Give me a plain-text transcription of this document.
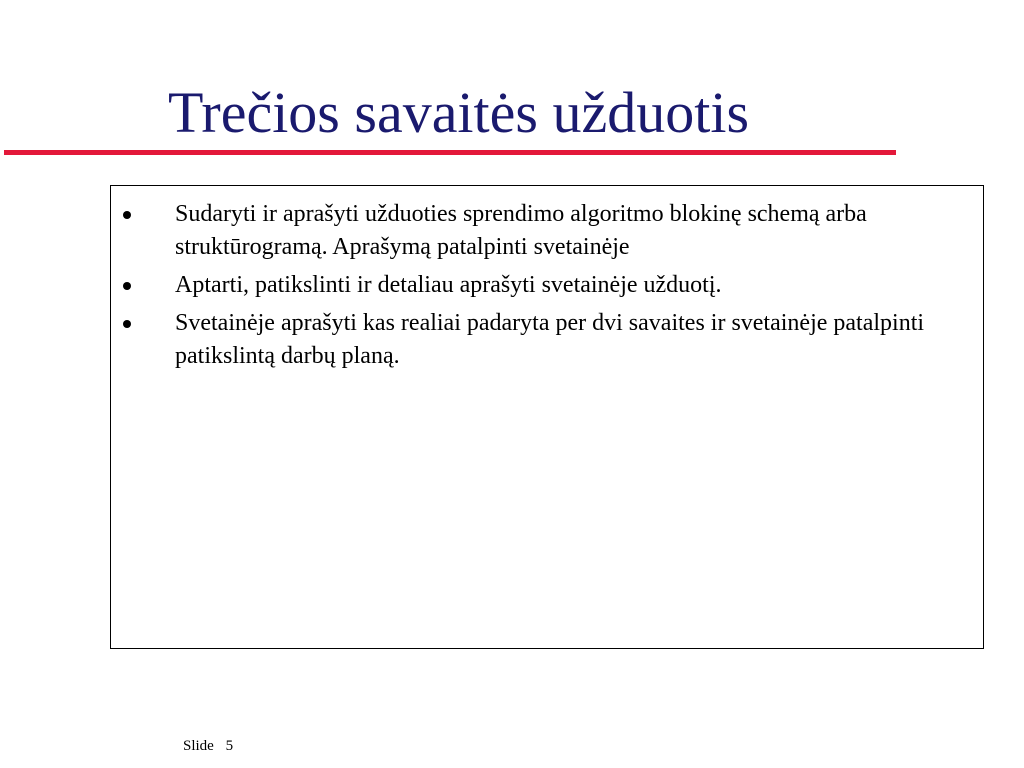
Trečios savaitės užduotis
Sudaryti ir aprašyti užduoties sprendimo algoritmo blokinę schemą arba struktūrogramą. Aprašymą patalpinti svetainėje
Aptarti, patikslinti ir detaliau aprašyti svetainėje užduotį.
Svetainėje aprašyti kas realiai padaryta per dvi savaites ir svetainėje patalpinti patikslintą darbų planą.
Slide 5
